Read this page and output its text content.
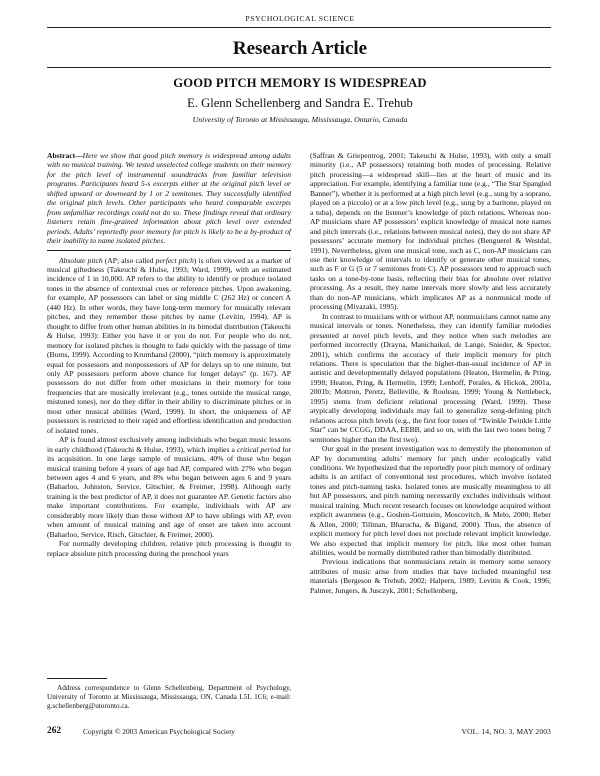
PSYCHOLOGICAL SCIENCE
Research Article
GOOD PITCH MEMORY IS WIDESPREAD
E. Glenn Schellenberg and Sandra E. Trehub
University of Toronto at Mississauga, Mississauga, Ontario, Canada
Abstract—Here we show that good pitch memory is widespread among adults with no musical training. We tested unselected college students on their memory for the pitch level of instrumental soundtracks from familiar television programs. Participants heard 5-s excerpts either at the original pitch level or shifted upward or downward by 1 or 2 semitones. They successfully identified the original pitch levels. Other participants who heard comparable excerpts from unfamiliar recordings could not do so. These findings reveal that ordinary listeners retain fine-grained information about pitch level over extended periods. Adults’ reportedly poor memory for pitch is likely to be a by-product of their inability to name isolated pitches.

Absolute pitch (AP; also called perfect pitch) is often viewed as a marker of musical giftedness (Takeuchi & Hulse, 1993; Ward, 1999), with an estimated incidence of 1 in 10,000. AP refers to the ability to identify or produce isolated tones in the absence of contextual cues or reference pitches. Upon awakening, for example, AP possessors can label or sing middle C (262 Hz) or concert A (440 Hz). In other words, they have long-term memory for musically relevant pitches, and they remember those pitches by name (Levitin, 1994). AP is thought to differ from other human abilities in its bimodal distribution (Takeuchi & Hulse, 1993): Either you have it or you do not. For people who do not, memory for isolated pitches is thought to fade quickly with the passage of time (Burns, 1999). According to Krumhansl (2000), “pitch memory is approximately equal for possessors and nonpossessors of AP for delays up to one minute, but only AP possessors perform above chance for longer delays” (p. 167). AP possessors do not differ from other musicians in their memory for tone frequencies that are musically irrelevant (e.g., tones outside the musical range, mistuned tones), nor do they differ in their ability to discriminate pitches or in most other musical abilities (Ward, 1999). In short, the uniqueness of AP possessors is restricted to their rapid and effortless identification and production of isolated tones.

AP is found almost exclusively among individuals who began music lessons in early childhood (Takeuchi & Hulse, 1993), which implies a critical period for its acquisition. In one large sample of musicians, 40% of those who began musical training before 4 years of age had AP, compared with 27% who began between ages 4 and 6 years, and 8% who began between ages 6 and 9 years (Baharloo, Johnston, Service, Gitschier, & Freimer, 1998). Although early training is the best predictor of AP, it does not guarantee AP. Genetic factors also make important contributions. For example, individuals with AP are considerably more likely than those without AP to have siblings with AP, even when amount of musical training and age of onset are taken into account (Baharloo, Service, Risch, Gitschier, & Freimer, 2000).

For normally developing children, relative pitch processing is thought to replace absolute pitch processing during the preschool years

Address correspondence to Glenn Schellenberg, Department of Psychology, University of Toronto at Mississauga, Mississauga, ON, Canada L5L 1C6; e-mail: g.schellenberg@utoronto.ca.

(Saffran & Griepentrog, 2001; Takeuchi & Hulse, 1993), with only a small minority (i.e., AP possessors) retaining both modes of processing. Relative pitch processing—a widespread skill—lies at the heart of music and its appreciation. For example, identifying a familiar tune (e.g., “The Star Spangled Banner”), whether it is performed at a high pitch level (e.g., sung by a soprano, played on a piccolo) or at a low pitch level (e.g., sung by a baritone, played on a tuba), depends on the listener’s knowledge of pitch relations. Whereas non-AP musicians share AP possessors’ explicit knowledge of musical note names and pitch intervals (i.e., relations between musical notes), they do not share AP possessors’ accurate memory for individual pitches (Benguerel & Westdal, 1991). Nevertheless, given one musical tone, such as C, non-AP musicians can use their knowledge of intervals to identify or generate other musical tones, such as F or G (5 or 7 semitones from C). AP possessors tend to approach such tasks on a tone-by-tone basis, reflecting their bias for absolute over relative processing. As a result, they name intervals more slowly and less accurately than do non-AP musicians, which implicates AP as a nonmusical mode of processing (Miyazaki, 1995).

In contrast to musicians with or without AP, nonmusicians cannot name any musical intervals or tones. Nonetheless, they can identify familiar melodies presented at novel pitch levels, and they notice when such melodies are performed incorrectly (Drayna, Manichaikul, de Lange, Snieder, & Spector, 2001), which confirms the accuracy of their implicit memory for pitch relations. There is speculation that the higher-than-usual incidence of AP in autistic and developmentally delayed populations (Heaton, Hermelin, & Pring, 1998; Heaton, Pring, & Hermelin, 1999; Lenhoff, Perales, & Hickok, 2001a, 2001b; Mottron, Peretz, Belleville, & Rouleau, 1999; Young & Nettlebeck, 1995) stems from deficient relational processing (Ward, 1999). These atypically developing individuals may fail to generalize song-defining pitch relations across pitch levels (e.g., the first four tones of “Twinkle Twinkle Little Star” can be CCGG, DDAA, EEBB, and so on, with the last two tones being 7 semitones higher than the first two).

Our goal in the present investigation was to demystify the phenomenon of AP by documenting adults’ memory for pitch under ecologically valid conditions. We hypothesized that the reportedly poor pitch memory of ordinary adults is an artifact of conventional test procedures, which involve isolated tones and pitch-naming tasks. Isolated tones are musically meaningless to all but AP possessors, and pitch naming necessarily excludes individuals without musical training. Much recent research focuses on knowledge acquired without explicit awareness (e.g., Goshen-Gottstein, Moscovitch, & Melo, 2000; Reber & Allen, 2000; Tillman, Bharucha, & Bigand, 2000). Thus, the absence of explicit memory for pitch level does not preclude relevant implicit knowledge. We also expected that implicit memory for pitch, like most other human abilities, would be normally distributed rather than bimodally distributed.

Previous indications that nonmusicians retain in memory some sensory attributes of music arise from studies that have included meaningful test materials (Bergeson & Trehub, 2002; Halpern, 1989; Levitin & Cook, 1996; Palmer, Jungers, & Jusczyk, 2001; Schellenberg,

262	Copyright © 2003 American Psychological Society	VOL. 14, NO. 3, MAY 2003
